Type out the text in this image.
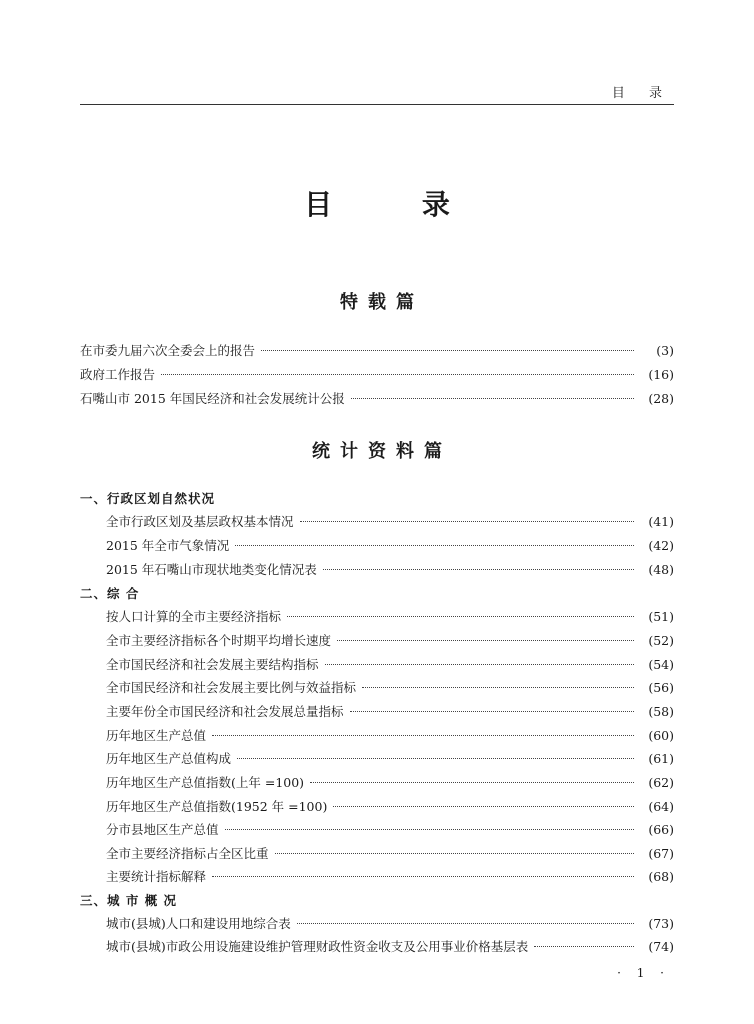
目 录
目 录
特载篇
在市委九届六次全委会上的报告	(3)
政府工作报告	(16)
石嘴山市 2015 年国民经济和社会发展统计公报	(28)
统计资料篇
一、行政区划自然状况
全市行政区划及基层政权基本情况	(41)
2015 年全市气象情况	(42)
2015 年石嘴山市现状地类变化情况表	(48)
二、综 合
按人口计算的全市主要经济指标	(51)
全市主要经济指标各个时期平均增长速度	(52)
全市国民经济和社会发展主要结构指标	(54)
全市国民经济和社会发展主要比例与效益指标	(56)
主要年份全市国民经济和社会发展总量指标	(58)
历年地区生产总值	(60)
历年地区生产总值构成	(61)
历年地区生产总值指数(上年 =100)	(62)
历年地区生产总值指数(1952 年 =100)	(64)
分市县地区生产总值	(66)
全市主要经济指标占全区比重	(67)
主要统计指标解释	(68)
三、城 市 概 况
城市(县城)人口和建设用地综合表	(73)
城市(县城)市政公用设施建设维护管理财政性资金收支及公用事业价格基层表	(74)
· 1 ·
